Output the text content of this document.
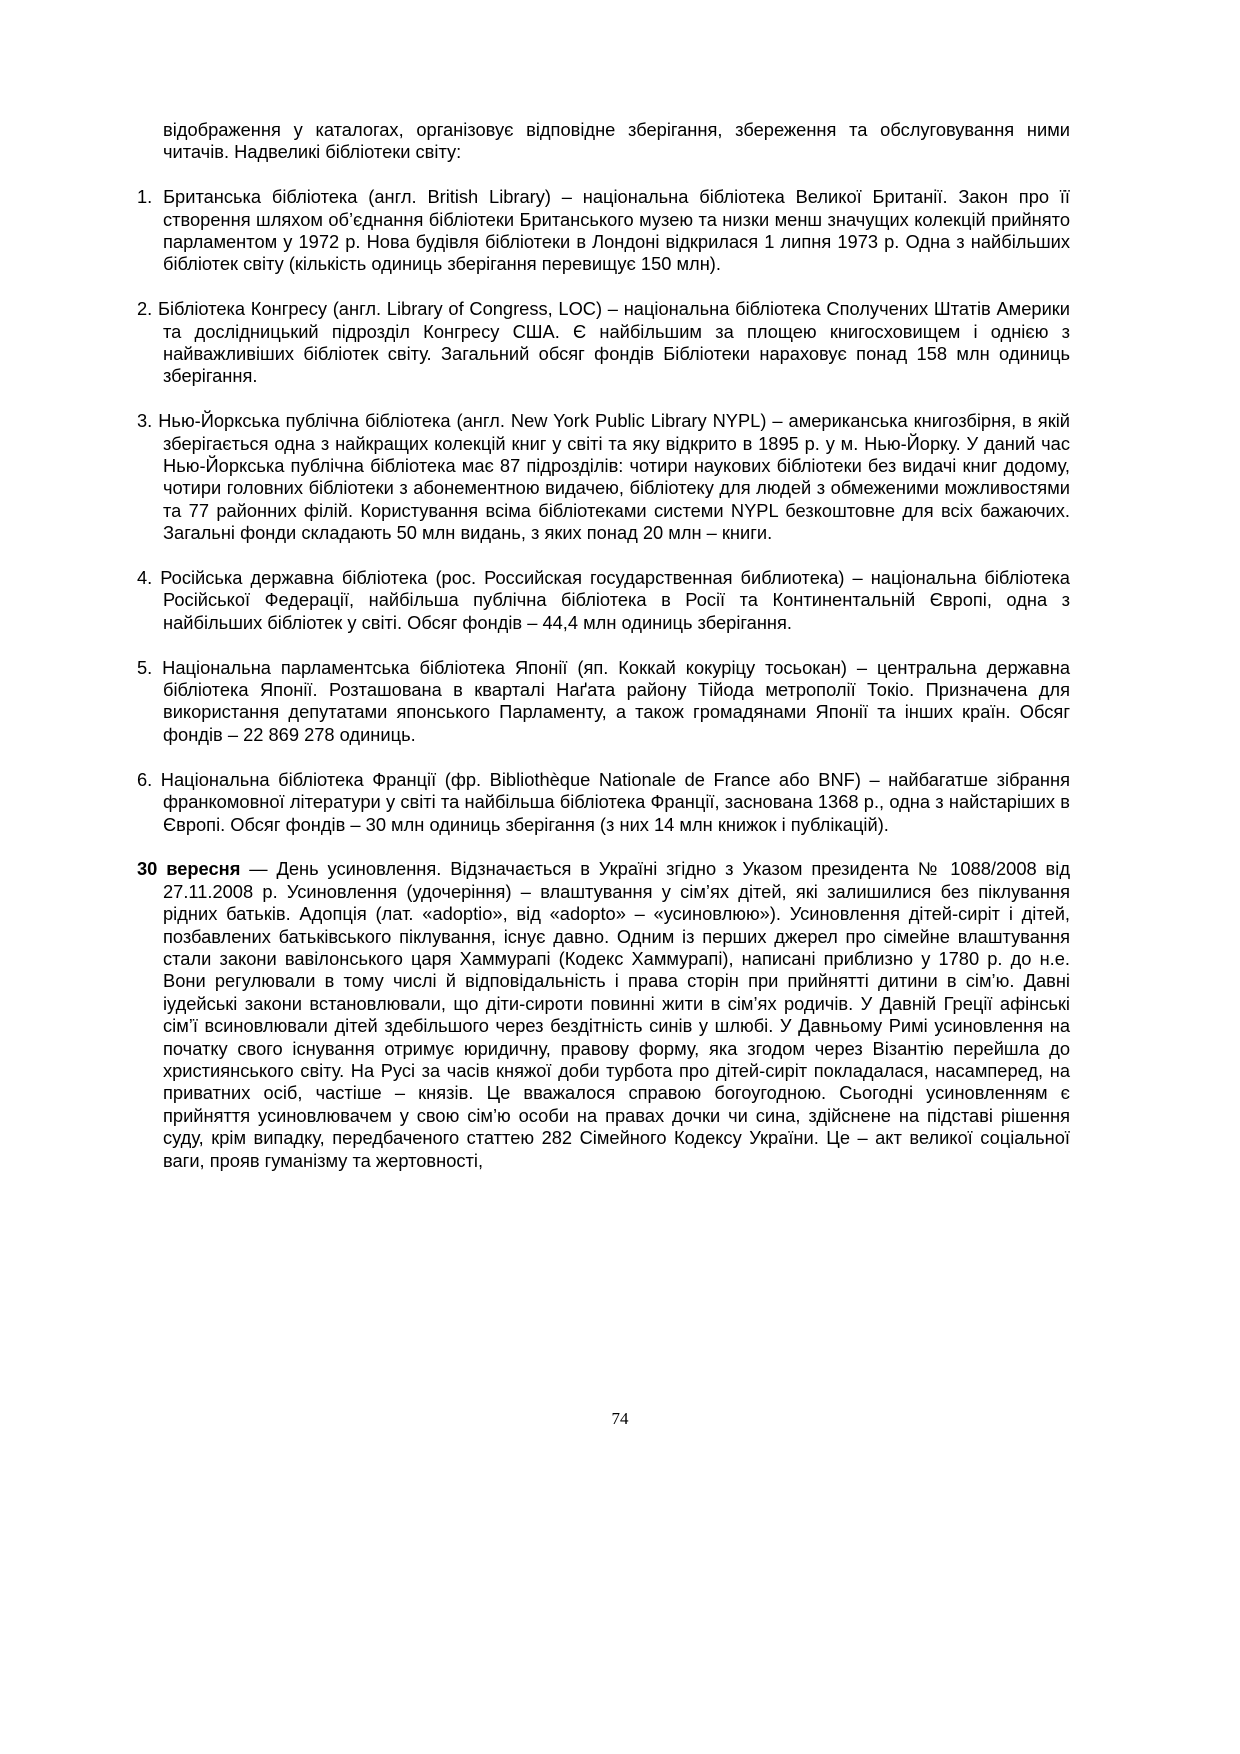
відображення у каталогах, організовує відповідне зберігання, збереження та обслуговування ними читачів. Надвеликі бібліотеки світу:

1. Британська бібліотека (англ. British Library) – національна бібліотека Великої Британії. Закон про її створення шляхом об’єднання бібліотеки Британського музею та низки менш значущих колекцій прийнято парламентом у 1972 р. Нова будівля бібліотеки в Лондоні відкрилася 1 липня 1973 р. Одна з найбільших бібліотек світу (кількість одиниць зберігання перевищує 150 млн).

2. Бібліотека Конгресу (англ. Library of Congress, LOC) – національна бібліотека Сполучених Штатів Америки та дослідницький підрозділ Конгресу США. Є найбільшим за площею книгосховищем і однією з найважливіших бібліотек світу. Загальний обсяг фондів Бібліотеки нараховує понад 158 млн одиниць зберігання.

3. Нью-Йоркська публічна бібліотека (англ. New York Public Library NYPL) – американська книгозбірня, в якій зберігається одна з найкращих колекцій книг у світі та яку відкрито в 1895 р. у м. Нью-Йорку. У даний час Нью-Йоркська публічна бібліотека має 87 підрозділів: чотири наукових бібліотеки без видачі книг додому, чотири головних бібліотеки з абонементною видачею, бібліотеку для людей з обмеженими можливостями та 77 районних філій. Користування всіма бібліотеками системи NYPL безкоштовне для всіх бажаючих. Загальні фонди складають 50 млн видань, з яких понад 20 млн – книги.

4. Російська державна бібліотека (рос. Российская государственная библиотека) – національна бібліотека Російської Федерації, найбільша публічна бібліотека в Росії та Континентальній Європі, одна з найбільших бібліотек у світі. Обсяг фондів – 44,4 млн одиниць зберігання.

5. Національна парламентська бібліотека Японії (яп. Коккай кокуріцу тосьокан) – центральна державна бібліотека Японії. Розташована в кварталі Наґата району Тійода метрополії Токіо. Призначена для використання депутатами японського Парламенту, а також громадянами Японії та інших країн. Обсяг фондів – 22 869 278 одиниць.

6. Національна бібліотека Франції (фр. Bibliothèque Nationale de France або BNF) – найбагатше зібрання франкомовної літератури у світі та найбільша бібліотека Франції, заснована 1368 р., одна з найстаріших в Європі. Обсяг фондів – 30 млн одиниць зберігання (з них 14 млн книжок і публікацій).

30 вересня — День усиновлення. Відзначається в Україні згідно з Указом президента № 1088/2008 від 27.11.2008 р. Усиновлення (удочеріння) – влаштування у сім’ях дітей, які залишилися без піклування рідних батьків. Адопція (лат. «adoptio», від «adopto» – «усиновлюю»). Усиновлення дітей-сиріт і дітей, позбавлених батьківського піклування, існує давно. Одним із перших джерел про сімейне влаштування стали закони вавілонського царя Хаммурапі (Кодекс Хаммурапі), написані приблизно у 1780 р. до н.е. Вони регулювали в тому числі й відповідальність і права сторін при прийнятті дитини в сім’ю. Давні іудейські закони встановлювали, що діти-сироти повинні жити в сім’ях родичів. У Давній Греції афінські сім’ї всиновлювали дітей здебільшого через бездітність синів у шлюбі. У Давньому Римі усиновлення на початку свого існування отримує юридичну, правову форму, яка згодом через Візантію перейшла до християнського світу. На Русі за часів княжої доби турбота про дітей-сиріт покладалася, насамперед, на приватних осіб, частіше – князів. Це вважалося справою богоугодною. Сьогодні усиновленням є прийняття усиновлювачем у свою сім’ю особи на правах дочки чи сина, здійснене на підставі рішення суду, крім випадку, передбаченого статтею 282 Сімейного Кодексу України. Це – акт великої соціальної ваги, прояв гуманізму та жертовності,

74
